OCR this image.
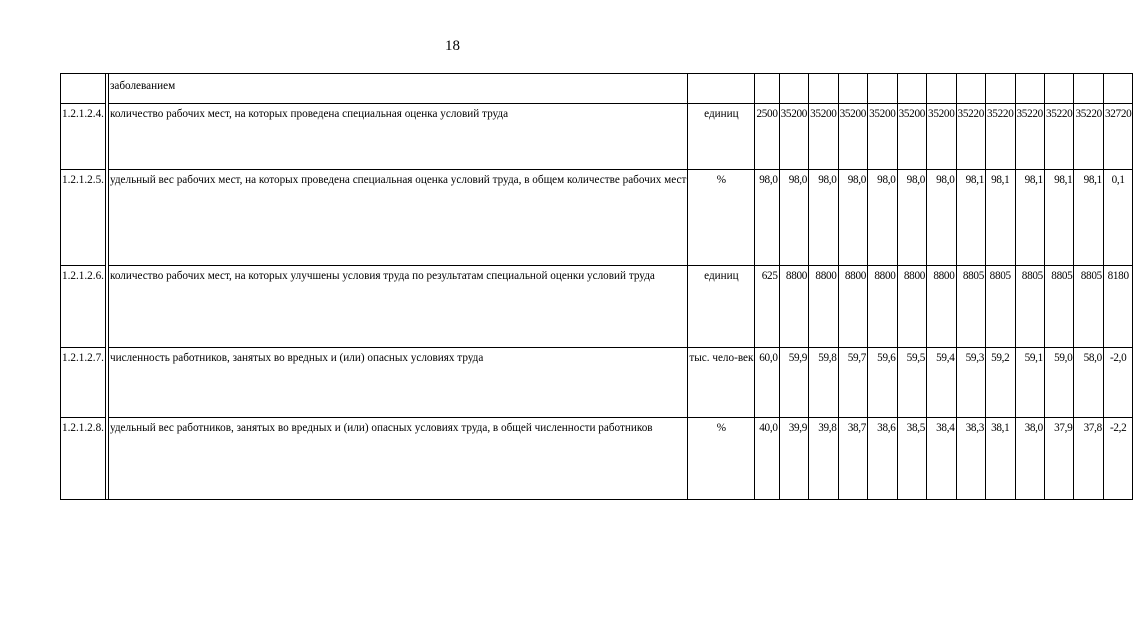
18
		заболеванием														
1.2.1.2.4.		количество рабочих мест, на которых проведена специальная оценка условий труда	единиц	2500	35200	35200	35200	35200	35200	35200	35220	35220	35220	35220	35220	32720
1.2.1.2.5.		удельный вес рабочих мест, на которых проведена специальная оценка условий труда, в общем количестве рабочих мест	%	98,0	98,0	98,0	98,0	98,0	98,0	98,0	98,1	98,1	98,1	98,1	98,1	0,1
1.2.1.2.6.		количество рабочих мест, на которых улучшены условия труда по результатам специальной оценки условий труда	единиц	625	8800	8800	8800	8800	8800	8800	8805	8805	8805	8805	8805	8180
1.2.1.2.7.		численность работников, занятых во вредных и (или) опасных условиях труда	тыс. чело-век	60,0	59,9	59,8	59,7	59,6	59,5	59,4	59,3	59,2	59,1	59,0	58,0	-2,0
1.2.1.2.8.		удельный вес работников, занятых во вредных и (или) опасных условиях труда, в общей численности работников	%	40,0	39,9	39,8	38,7	38,6	38,5	38,4	38,3	38,1	38,0	37,9	37,8	-2,2
